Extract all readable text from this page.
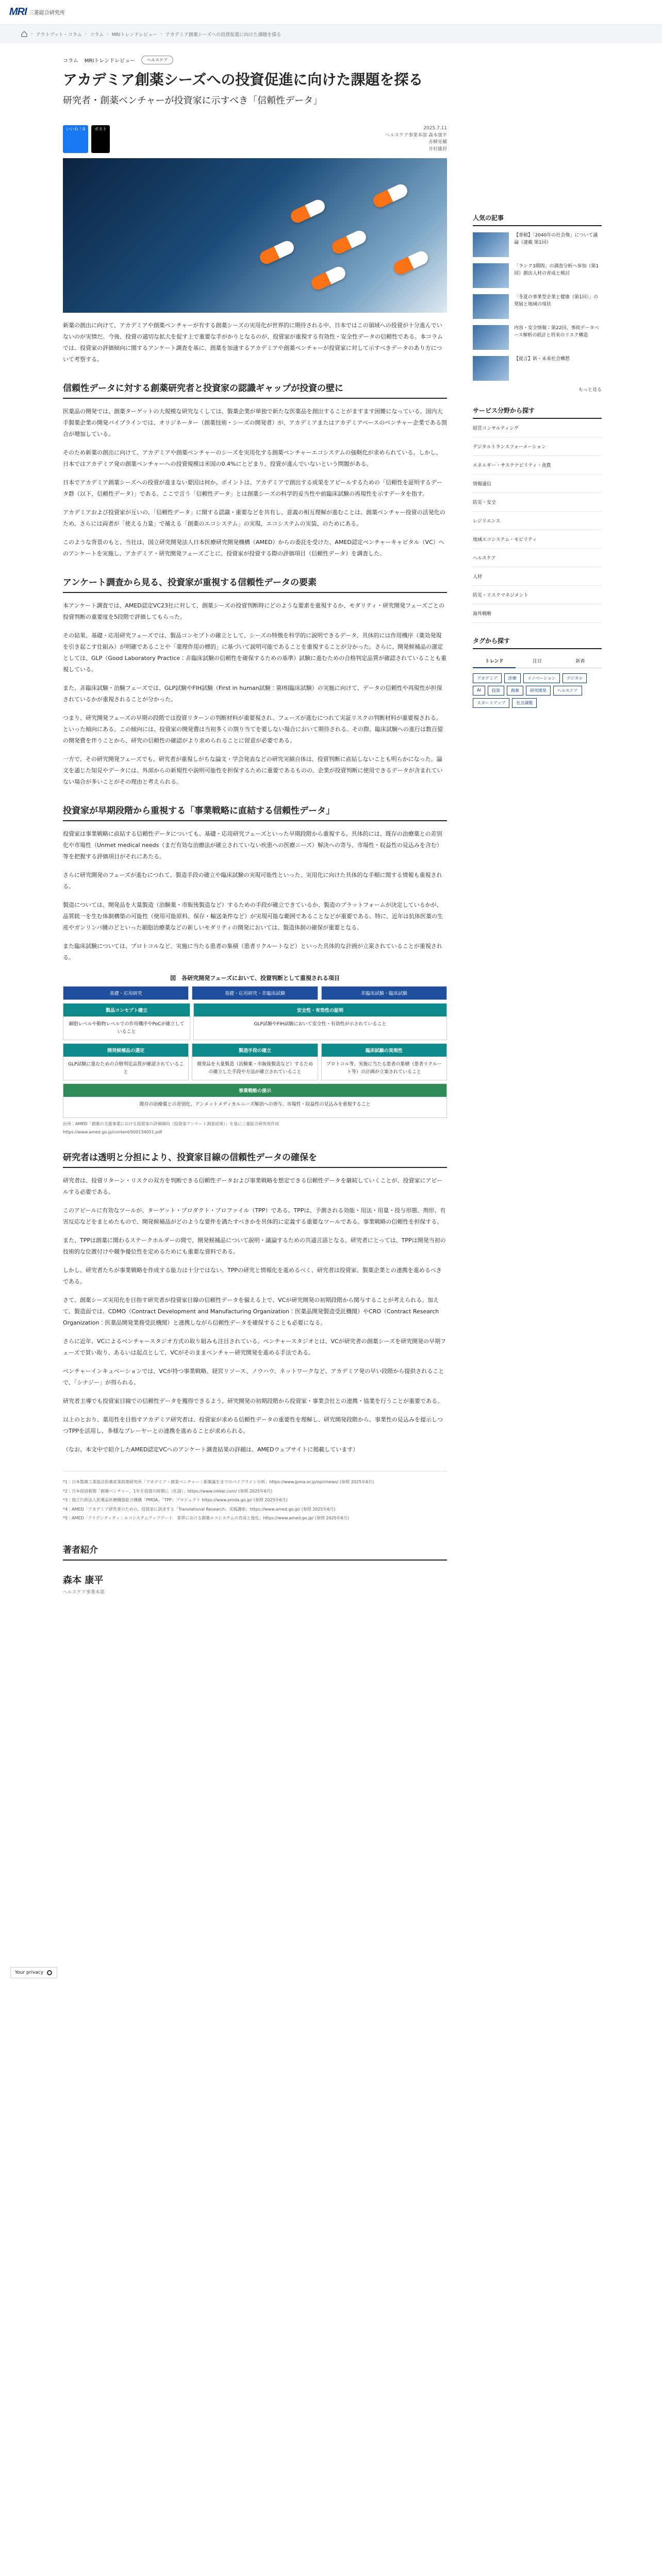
MRI 三菱総合研究所
› アウトプット・コラム › コラム › MRIトレンドレビュー › アカデミア創薬シーズへの投資促進に向けた課題を探る
コラム MRIトレンドレビュー	ヘルスケア
アカデミア創薬シーズへの投資促進に向けた課題を探る
研究者・創薬ベンチャーが投資家に示すべき「信頼性データ」
いいね！0	ポスト	2025.7.11
ヘルスケア事業本部 森本康平
赤柳晃輔
井村雄将

新薬の創出に向けて、アカデミアや創薬ベンチャーが有する創薬シーズの実用化が世界的に期待される中、日本ではこの領域への投資が十分進んでいないのが実情だ。今後、投資の適切な拡大を促す上で重要な手がかりとなるのが、投資家が重視する有効性・安全性データの信頼性である。本コラムでは、投資家の評価傾向に関するアンケート調査を基に、創薬を加速するアカデミアや創薬ベンチャーが投資家に対して示すべきデータのあり方について考察する。

信頼性データに対する創薬研究者と投資家の認識ギャップが投資の壁に

医薬品の開発では、創薬ターゲットの大規模な研究なくしては、製薬企業が単独で新たな医薬品を創出することがますます困難になっている。国内大手製薬企業の開発パイプラインでは、オリジネーター（創薬技術・シーズの開発者）が、アカデミアまたはアカデミアベースのベンチャー企業である割合が増加している。

そのため新薬の創出に向けて、アカデミアや創薬ベンチャーのシーズを実用化する創薬ベンチャーエコシステムの強靭化が求められている。しかし、日本ではアカデミア発の創薬ベンチャーへの投資規模は米国の0.4%にとどまり、投資が進んでいないという問題がある。

日本でアカデミア創薬シーズへの投資が進まない要因は何か。ポイントは、アカデミアで創出する成果をアピールするための「信頼性を証明するデータ群（以下、信頼性データ）」である。ここで言う「信頼性データ」とは創薬シーズの科学的妥当性や前臨床試験の再現性を示すデータを指す。

アカデミアおよび投資家が互いの、「信頼性データ」に関する認識・重要などを共有し、意義の相互理解が進むことは、創薬ベンチャー投資の活発化のため、さらには両者が「使える力量」で補える「創薬のエコシステム」の実現、エコシステムの実装、のためにある。

このような背景のもと、当社は、国立研究開発法人日本医療研究開発機構（AMED）からの委託を受けた、AMED認定ベンチャーキャピタル（VC）へのアンケートを実施し、アカデミア・研究開発フェーズごとに、投資家が投資する際の評価項目（信頼性データ）を調査した。

アンケート調査から見る、投資家が重視する信頼性データの要素

本アンケート調査では、AMED認定VC23社に対して、創薬シーズの投資判断時にどのような要素を重視するか、モダリティ・研究開発フェーズごとの投資判断の重要度を5段階で評価してもらった。

その結果、基礎・応用研究フェーズでは、製品コンセプトの確立として、シーズの特徴を科学的に説明できるデータ、具体的には作用機序（薬効発現を引き起こす仕組み）が明確であることや「薬理作用の標的」に基づいて説明可能であることを重視することが分かった。さらに、開発候補品の選定としては、GLP（Good Laboratory Practice：非臨床試験の信頼性を確保するための基準）試験に進むための合格判定品質が確認されていることも重視している。

また、非臨床試験・治験フェーズでは、GLP試験やFIH試験（First in human試験：第I相臨床試験）の実施に向けて、データの信頼性や再現性が担保されているかが重視されることが分かった。

つまり、研究開発フェーズの早期の段階では投資リターンの判断材料が重要視され、フェーズが進むにつれて実証リスクの判断材料が重要視される。といった傾向にある。この傾向には、投資家の開発費は当初多くの割り当てを要しない場合において期待される。その際、臨床試験への進行は数百億の開発費を伴うことから、研究の信頼性の確認がより求められることに留意が必要である。

一方で、その研究開発フェーズでも、研究者が重視しがちな論文・学会発表などの研究実績自体は、投資判断に直結しないことも明らかになった。論文を通じた知見やデータには、外部からの新規性や説明可能性を担保するために重要であるものの、企業が投資判断に使用できるデータが含まれていない場合が多いことがその理由と考えられる。

投資家が早期段階から重視する「事業戦略に直結する信頼性データ」

投資家は事業戦略に直結する信頼性データについても、基礎・応用研究フェーズといった早期段階から重視する。具体的には、既存の治療薬との差別化や市場性（Unmet medical needs（まだ有効な治療法が確立されていない疾患への医療ニーズ）解決への寄与、市場性・収益性の見込みを含む）等を把握する評価項目がそれにあたる。

さらに研究開発のフェーズが進むにつれて、製造手段の確立や臨床試験の実現可能性といった、実用化に向けた具体的な手順に関する情報も重視される。

製造については、開発品を大量製造（治験薬・市販後製造など）するための手段が確立できているか、製造のプラットフォームが決定しているかが、品質統一を生む体制構築の可能性（使用可能原料、保存・輸送条件など）が実現可能な範囲であることなどが重要である。特に、近年は抗体医薬の生産やガンリンパ腫のどといった細胞治療薬などの新しいモダリティの開発においては、製造体制の確保が重要となる。

また臨床試験については、プロトコルなど、実施に当たる患者の集積（患者リクルートなど）といった具体的な計画が立案されていることが重視される。

図　各研究開発フェーズにおいて、投資判断として重視される項目
基礎・応用研究	基礎・応用研究・非臨床試験	非臨床試験・臨床試験
製品コンセプト確立
細胞レベルや動物レベルでの作用機序やPoCが確立していること
安全性・有効性の証明
GLP試験やFIH試験において安全性・有効性が示されていること
開発候補品の選定
GLP試験に進むための合格判定品質が確認されていること
製造手段の確立
開発品を大量製造（治験薬・市販後製造など）するための確立した手段や方法が確立されていること
臨床試験の実現性
プロトコル等、実施に当たる患者の集積（患者リクルート等）の計画が立案されていること
事業戦略の提示
既存の治療薬との差別化、アンメットメディカルニーズ解消への寄与、市場性・収益性の見込みを重視すること
出所：AMED「創薬の支援事業における投資家の評価傾向（投資家アンケート調査結果）」を基に三菱総合研究所作成
https://www.amed.go.jp/content/000134051.pdf
研究者は透明と分担により、投資家目線の信頼性データの確保を

研究者は、投資リターン・リスクの双方を判断できる信頼性データおよび事業戦略を想定できる信頼性データを継続していくことが、投資家にアピールする必要である。

このアピールに有効なツールが、ターゲット・プロダクト・プロファイル（TPP）である。TPPは、予測される効能・用法・用量・投与形態、剤形、有害反応などをまとめたもので、開発候補品がどのような要件を満たすべきかを具体的に定義する重要なツールである。事業戦略の信頼性を担保する。

また、TPPは創薬に関わるステークホルダーの間で、開発候補品について説明・議論するための共通言語となる。研究者にとっては、TPPは開発当初の技術的な位置付けや競争優位性を定めるためにも重要な資料である。

しかし、研究者たちが事業戦略を作成する能力は十分ではない。TPPの研究と情報化を進めるべく、研究者は投資家、製薬企業との連携を進めるべきである。

さて、創薬シーズ実用化を目指す研究者が投資家目線の信頼性データを備える上で、VCが研究開発の初期段階から関与することが考えられる。加えて、製造面では、CDMO（Contract Development and Manufacturing Organization：医薬品開発製造受託機関）やCRO（Contract Research Organization：医薬品開発業務受託機関）と連携しながら信頼性データを確保することも必要になる。

さらに近年、VCによるベンチャースタジオ方式の取り組みも注目されている。ベンチャースタジオとは、VCが研究者の創薬シーズを研究開発の早期フェーズで買い取り、あるいは起点として、VCがそのままベンチャー研究開発を進める手法である。

ベンチャーインキュベーションでは、VCが持つ事業戦略、経営リソース、ノウハウ、ネットワークなど、アカデミア発の早い段階から提供されることで、「シナジー」が得られる。

研究者主導でも投資家目線での信頼性データを獲得できるよう、研究開発の初期段階から投資家・事業会社との連携・協業を行うことが重要である。

以上のとおり、薬用性を目指すアカデミア研究者は、投資家が求める信頼性データの重要性を理解し、研究開発段階から、事業性の見込みを提示しつつTPPを活用し、多様なプレーヤーとの連携を進めることが求められる。

（なお、本文中で紹介したAMED認定VCへのアンケート調査結果の詳細は、AMEDウェブサイトに掲載しています）

*1：日本製薬工業協会医薬産業政策研究所「アカデミア・創業ベンチャー：新薬誕生までのパイプライン分析」https://www.jpma.or.jp/opir/news/ (参照 2025年6月)
*2：日本経済新聞「創薬ベンチャー、1年を投資の時期に（社説）」https://www.nikkei.com/ (参照 2025年6月)
*3：独立行政法人医薬品医療機器総合機構「PMDA」「TPP」プロジェクト https://www.pmda.go.jp/ (参照 2025年6月)
*4：AMED「アカデミア研究者のための、投資家に訴求する「Translational Research」実践講座」https://www.amed.go.jp/ (参照 2025年6月)
*5：AMED「アイデンティティ：エコシステムアップデート　業界における創薬エコシステムの育成と強化」https://www.amed.go.jp/ (参照 2025年6月)
著者紹介
森本 康平
ヘルスケア事業本部
人気の記事
【寄稿】「2040年の社会像」について議論（連載 第1回）
「ランク3期間」の調査分析へ参加（第1回）創出人材の育成と検討
「冬夏の事業型企業と健康（第1回）」の発展と地域の現状
内容・安全情報：第22回、事故データベース解析の統計と将来のリスク構造
【提言】新・未来社会構想
もっと見る
サービス分野から探す
経営コンサルティング
デジタルトランスフォーメーション
エネルギー・サステナビリティ・食農
情報通信
防災・安全
レジリエンス
地域エコシステム・モビリティ
ヘルスケア
人材
防災・リスクマネジメント
海外戦略
タグから探す
トレンド	注目	新着
アカデミア	医療	イノベーション	デジタル
AI	投資	創薬	研究開発	ヘルスケア
スタートアップ	社会課題
Your privacy
